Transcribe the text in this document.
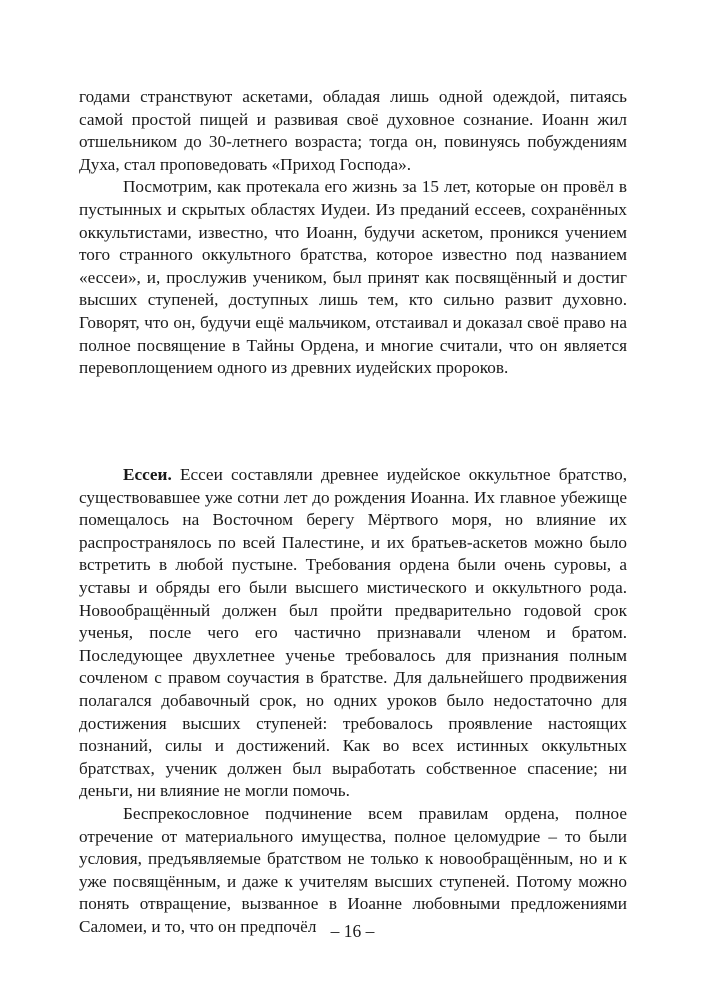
годами странствуют аскетами, обладая лишь одной одеждой, питаясь самой простой пищей и развивая своё духовное сознание. Иоанн жил отшельником до 30-летнего возраста; тогда он, повинуясь побуждениям Духа, стал проповедовать «Приход Господа».

Посмотрим, как протекала его жизнь за 15 лет, которые он провёл в пустынных и скрытых областях Иудеи. Из преданий ессеев, сохранённых оккультистами, известно, что Иоанн, будучи аскетом, проникся учением того странного оккультного братства, которое известно под названием «ессеи», и, прослужив учеником, был принят как посвящённый и достиг высших ступеней, доступных лишь тем, кто сильно развит духовно. Говорят, что он, будучи ещё мальчиком, отстаивал и доказал своё право на полное посвящение в Тайны Ордена, и многие считали, что он является перевоплощением одного из древних иудейских пророков.

Ессеи. Ессеи составляли древнее иудейское оккультное братство, существовавшее уже сотни лет до рождения Иоанна. Их главное убежище помещалось на Восточном берегу Мёртвого моря, но влияние их распространялось по всей Палестине, и их братьев-аскетов можно было встретить в любой пустыне. Требования ордена были очень суровы, а уставы и обряды его были высшего мистического и оккультного рода. Новообращённый должен был пройти предварительно годовой срок ученья, после чего его частично признавали членом и братом. Последующее двухлетнее ученье требовалось для признания полным сочленом с правом соучастия в братстве. Для дальнейшего продвижения полагался добавочный срок, но одних уроков было недостаточно для достижения высших ступеней: требовалось проявление настоящих познаний, силы и достижений. Как во всех истинных оккультных братствах, ученик должен был выработать собственное спасение; ни деньги, ни влияние не могли помочь.

Беспрекословное подчинение всем правилам ордена, полное отречение от материального имущества, полное целомудрие – то были условия, предъявляемые братством не только к новообращённым, но и к уже посвящённым, и даже к учителям высших ступеней. Потому можно понять отвращение, вызванное в Иоанне любовными предложениями Саломеи, и то, что он предпочёл – 16 –
